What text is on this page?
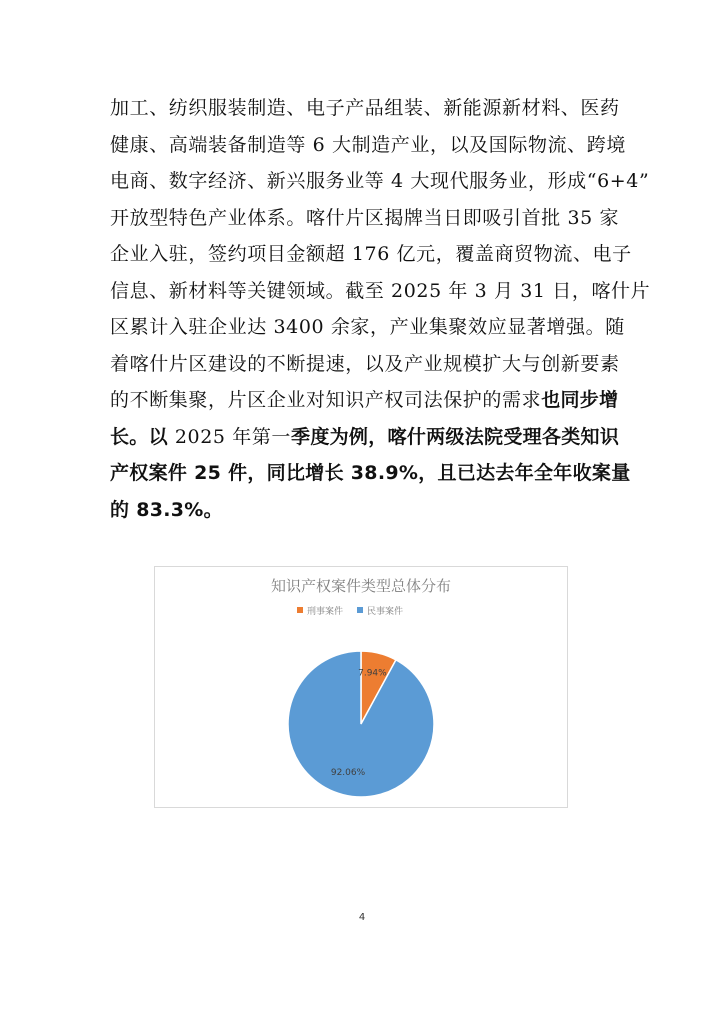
加工、纺织服装制造、电子产品组装、新能源新材料、医药
健康、高端装备制造等 6 大制造产业，以及国际物流、跨境
电商、数字经济、新兴服务业等 4 大现代服务业，形成“6+4”
开放型特色产业体系。喀什片区揭牌当日即吸引首批 35 家
企业入驻，签约项目金额超 176 亿元，覆盖商贸物流、电子
信息、新材料等关键领域。截至 2025 年 3 月 31 日，喀什片
区累计入驻企业达 3400 余家，产业集聚效应显著增强。随
着喀什片区建设的不断提速，以及产业规模扩大与创新要素
的不断集聚，片区企业对知识产权司法保护的需求也同步增
长。以 2025 年第一季度为例，喀什两级法院受理各类知识
产权案件 25 件，同比增长 38.9%，且已达去年全年收案量
的 83.3%。
知识产权案件类型总体分布
刑事案件	民事案件
7.94%
92.06%
4
